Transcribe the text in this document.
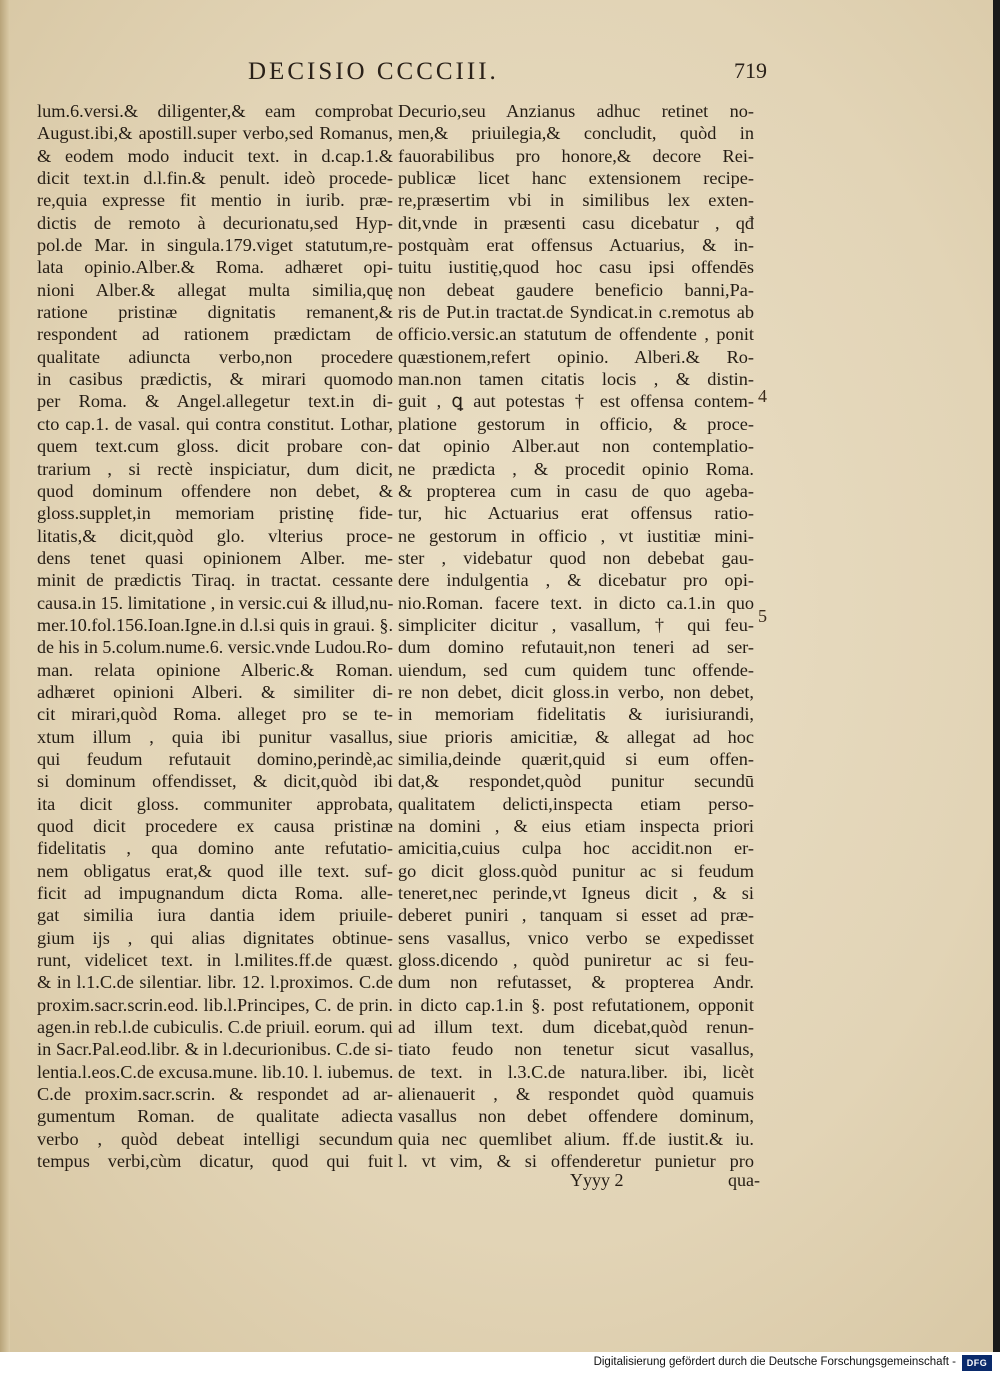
DECISIO CCCCIII.	719
lum.6.versi.& diligenter,& eam comprobat
August.ibi,& apostill.super verbo,sed Romanus,
& eodem modo inducit text. in d.cap.1.&
dicit text.in d.l.fin.& penult. ideò procede-
re,quia expresse fit mentio in iurib. præ-
dictis de remoto à decurionatu,sed Hyp-
pol.de Mar. in singula.179.viget statutum,re-
lata opinio.Alber.& Roma. adhæret opi-
nioni Alber.& allegat multa similia,quę
ratione pristinæ dignitatis remanent,&
respondent ad rationem prædictam de
qualitate adiuncta verbo,non procedere
in casibus prædictis, & mirari quomodo
per Roma. & Angel.allegetur text.in di-
cto cap.1. de vasal. qui contra constitut. Lothar,
quem text.cum gloss. dicit probare con-
trarium , si rectè inspiciatur, dum dicit,
quod dominum offendere non debet, &
gloss.supplet,in memoriam pristinę fide-
litatis,& dicit,quòd glo. vlterius proce-
dens tenet quasi opinionem Alber. me-
minit de prædictis Tiraq. in tractat. cessante
causa.in 15. limitatione , in versic.cui & illud,nu-
mer.10.fol.156.Ioan.Igne.in d.l.si quis in graui. §.
de his in 5.colum.nume.6. versic.vnde Ludou.Ro-
man. relata opinione Alberic.& Roman.
adhæret opinioni Alberi. & similiter di-
cit mirari,quòd Roma. alleget pro se te-
xtum illum , quia ibi punitur vasallus,
qui feudum refutauit domino,perindè,ac
si dominum offendisset, & dicit,quòd ibi
ita dicit gloss. communiter approbata,
quod dicit procedere ex causa pristinæ
fidelitatis , qua domino ante refutatio-
nem obligatus erat,& quod ille text. suf-
ficit ad impugnandum dicta Roma. alle-
gat similia iura dantia idem priuile-
gium ijs , qui alias dignitates obtinue-
runt, videlicet text. in l.milites.ff.de quæst.
& in l.1.C.de silentiar. libr. 12. l.proximos. C.de
proxim.sacr.scrin.eod. lib.l.Principes, C. de prin.
agen.in reb.l.de cubiculis. C.de priuil. eorum. qui
in Sacr.Pal.eod.libr. & in l.decurionibus. C.de si-
lentia.l.eos.C.de excusa.mune. lib.10. l. iubemus.
C.de proxim.sacr.scrin. & respondet ad ar-
gumentum Roman. de qualitate adiecta
verbo , quòd debeat intelligi secundum
tempus verbi,cùm dicatur, quod qui fuit
Decurio,seu Anzianus adhuc retinet no-
men,& priuilegia,& concludit, quòd in
fauorabilibus pro honore,& decore Rei-
publicæ licet hanc extensionem recipe-
re,præsertim vbi in similibus lex exten-
dit,vnde in præsenti casu dicebatur , qđ
postquàm erat offensus Actuarius, & in-
tuitu iustitię,quod hoc casu ipsi offendēs
non debeat gaudere beneficio banni,Pa-
ris de Put.in tractat.de Syndicat.in c.remotus ab
officio.versic.an statutum de offendente , ponit
quæstionem,refert opinio. Alberi.& Ro-
man.non tamen citatis locis , & distin-
guit , ꝗ aut potestas † est offensa contem-
platione gestorum in officio, & proce-
dat opinio Alber.aut non contemplatio-
ne prædicta , & procedit opinio Roma.
& propterea cum in casu de quo ageba-
tur, hic Actuarius erat offensus ratio-
ne gestorum in officio , vt iustitiæ mini-
ster , videbatur quod non debebat gau-
dere indulgentia , & dicebatur pro opi-
nio.Roman. facere text. in dicto ca.1.in quo
simpliciter dicitur , vasallum, † qui feu-
dum domino refutauit,non teneri ad ser-
uiendum, sed cum quidem tunc offende-
re non debet, dicit gloss.in verbo, non debet,
in memoriam fidelitatis & iurisiurandi,
siue prioris amicitiæ, & allegat ad hoc
similia,deinde quærit,quid si eum offen-
dat,& respondet,quòd punitur secundū
qualitatem delicti,inspecta etiam perso-
na domini , & eius etiam inspecta priori
amicitia,cuius culpa hoc accidit.non er-
go dicit gloss.quòd punitur ac si feudum
teneret,nec perinde,vt Igneus dicit , & si
deberet puniri , tanquam si esset ad præ-
sens vasallus, vnico verbo se expedisset
gloss.dicendo , quòd puniretur ac si feu-
dum non refutasset, & propterea Andr.
in dicto cap.1.in §. post refutationem, opponit
ad illum text. dum dicebat,quòd renun-
tiato feudo non tenetur sicut vasallus,
de text. in l.3.C.de natura.liber. ibi, licèt
alienauerit , & respondet quòd quamuis
vasallus non debet offendere dominum,
quia nec quemlibet alium. ff.de iustit.& iu.
l. vt vim, & si offenderetur punietur pro
4
5
Yyyy 2	qua-
Digitalisierung gefördert durch die Deutsche Forschungsgemeinschaft -	DFG
